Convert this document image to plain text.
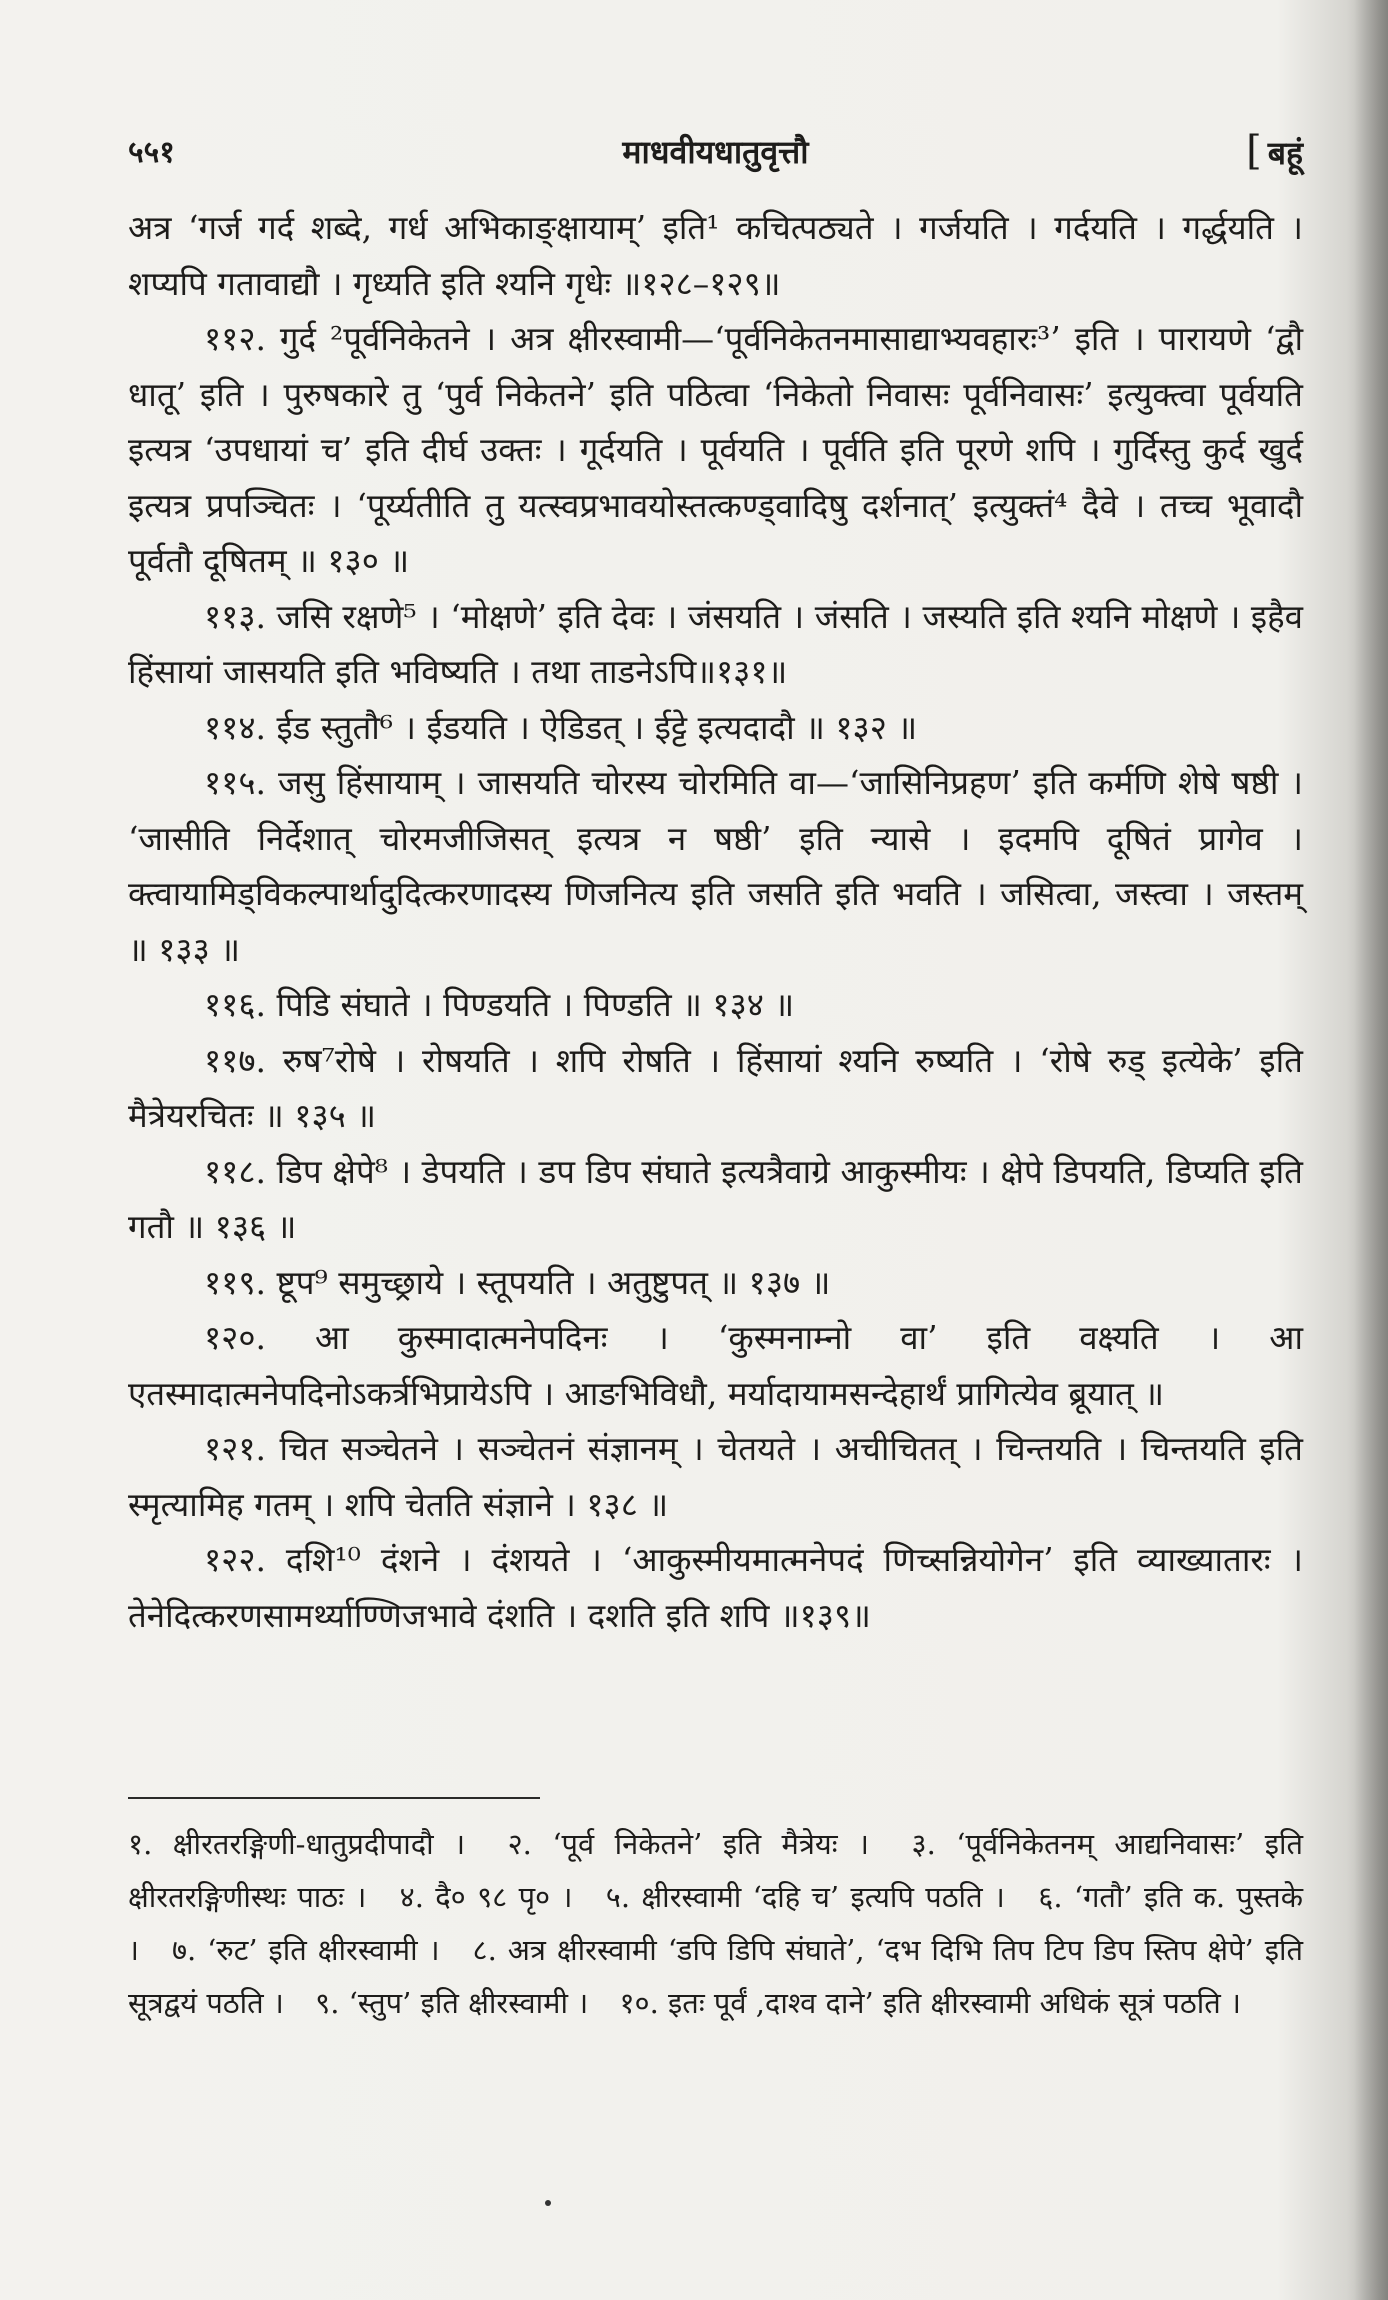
५५१	माधवीयधातुवृत्तौ	[ बहूं

अत्र ‘गर्ज गर्द शब्दे, गर्ध अभिकाङ्क्षायाम्’ इति¹ कचित्पठ्यते । गर्जयति । गर्दयति । गर्द्धयति । शप्यपि गतावाद्यौ । गृध्यति इति श्यनि गृधेः ॥१२८–१२९॥

११२. गुर्द ²पूर्वनिकेतने । अत्र क्षीरस्वामी—‘पूर्वनिकेतनमासाद्याभ्यवहारः³’ इति । पारायणे ‘द्वौ धातू’ इति । पुरुषकारे तु ‘पुर्व निकेतने’ इति पठित्वा ‘निकेतो निवासः पूर्वनिवासः’ इत्युक्त्वा पूर्वयति इत्यत्र ‘उपधायां च’ इति दीर्घ उक्तः । गूर्दयति । पूर्वयति । पूर्वति इति पूरणे शपि । गुर्दिस्तु कुर्द खुर्द इत्यत्र प्रपञ्चितः । ‘पूर्य्यतीति तु यत्स्वप्रभावयोस्तत्कण्ड्वादिषु दर्शनात्’ इत्युक्तं⁴ दैवे । तच्च भूवादौ पूर्वतौ दूषितम् ॥ १३० ॥

११३. जसि रक्षणे⁵ । ‘मोक्षणे’ इति देवः । जंसयति । जंसति । जस्यति इति श्यनि मोक्षणे । इहैव हिंसायां जासयति इति भविष्यति । तथा ताडनेऽपि॥१३१॥

११४. ईड स्तुतौ⁶ । ईडयति । ऐडिडत् । ईट्टे इत्यदादौ ॥ १३२ ॥

११५. जसु हिंसायाम् । जासयति चोरस्य चोरमिति वा—‘जासिनिप्रहण’ इति कर्मणि शेषे षष्ठी । ‘जासीति निर्देशात् चोरमजीजिसत् इत्यत्र न षष्ठी’ इति न्यासे । इदमपि दूषितं प्रागेव । क्त्वायामिड्विकल्पार्थादुदित्करणादस्य णिजनित्य इति जसति इति भवति । जसित्वा, जस्त्वा । जस्तम् ॥ १३३ ॥

११६. पिडि संघाते । पिण्डयति । पिण्डति ॥ १३४ ॥

११७. रुष⁷रोषे । रोषयति । शपि रोषति । हिंसायां श्यनि रुष्यति । ‘रोषे रुड् इत्येके’ इति मैत्रेयरचितः ॥ १३५ ॥

११८. डिप क्षेपे⁸ । डेपयति । डप डिप संघाते इत्यत्रैवाग्रे आकुस्मीयः । क्षेपे डिपयति, डिप्यति इति गतौ ॥ १३६ ॥

११९. ष्टूप⁹ समुच्छ्राये । स्तूपयति । अतुष्टुपत् ॥ १३७ ॥

१२०. आ कुस्मादात्मनेपदिनः । ‘कुस्मनाम्नो वा’ इति वक्ष्यति । आ एतस्मादात्मनेपदिनोऽकर्त्रभिप्रायेऽपि । आङभिविधौ, मर्यादायामसन्देहार्थं प्रागित्येव ब्रूयात् ॥

१२१. चित सञ्चेतने । सञ्चेतनं संज्ञानम् । चेतयते । अचीचितत् । चिन्तयति । चिन्तयति इति स्मृत्यामिह गतम् । शपि चेतति संज्ञाने । १३८ ॥

१२२. दशि¹⁰ दंशने । दंशयते । ‘आकुस्मीयमात्मनेपदं णिच्सन्नियोगेन’ इति व्याख्यातारः । तेनेदित्करणसामर्थ्याण्णिजभावे दंशति । दशति इति शपि ॥१३९॥

१. क्षीरतरङ्गिणी-धातुप्रदीपादौ । २. ‘पूर्व निकेतने’ इति मैत्रेयः । ३. ‘पूर्वनिकेतनम् आद्यनिवासः’ इति क्षीरतरङ्गिणीस्थः पाठः । ४. दै० ९८ पृ० । ५. क्षीरस्वामी ‘दहि च’ इत्यपि पठति । ६. ‘गतौ’ इति क. पुस्तके । ७. ‘रुट’ इति क्षीरस्वामी । ८. अत्र क्षीरस्वामी ‘डपि डिपि संघाते’, ‘दभ दिभि तिप टिप डिप स्तिप क्षेपे’ इति सूत्रद्वयं पठति । ९. ‘स्तुप’ इति क्षीरस्वामी । १०. इतः पूर्वं ,दाश्व दाने’ इति क्षीरस्वामी अधिकं सूत्रं पठति ।
